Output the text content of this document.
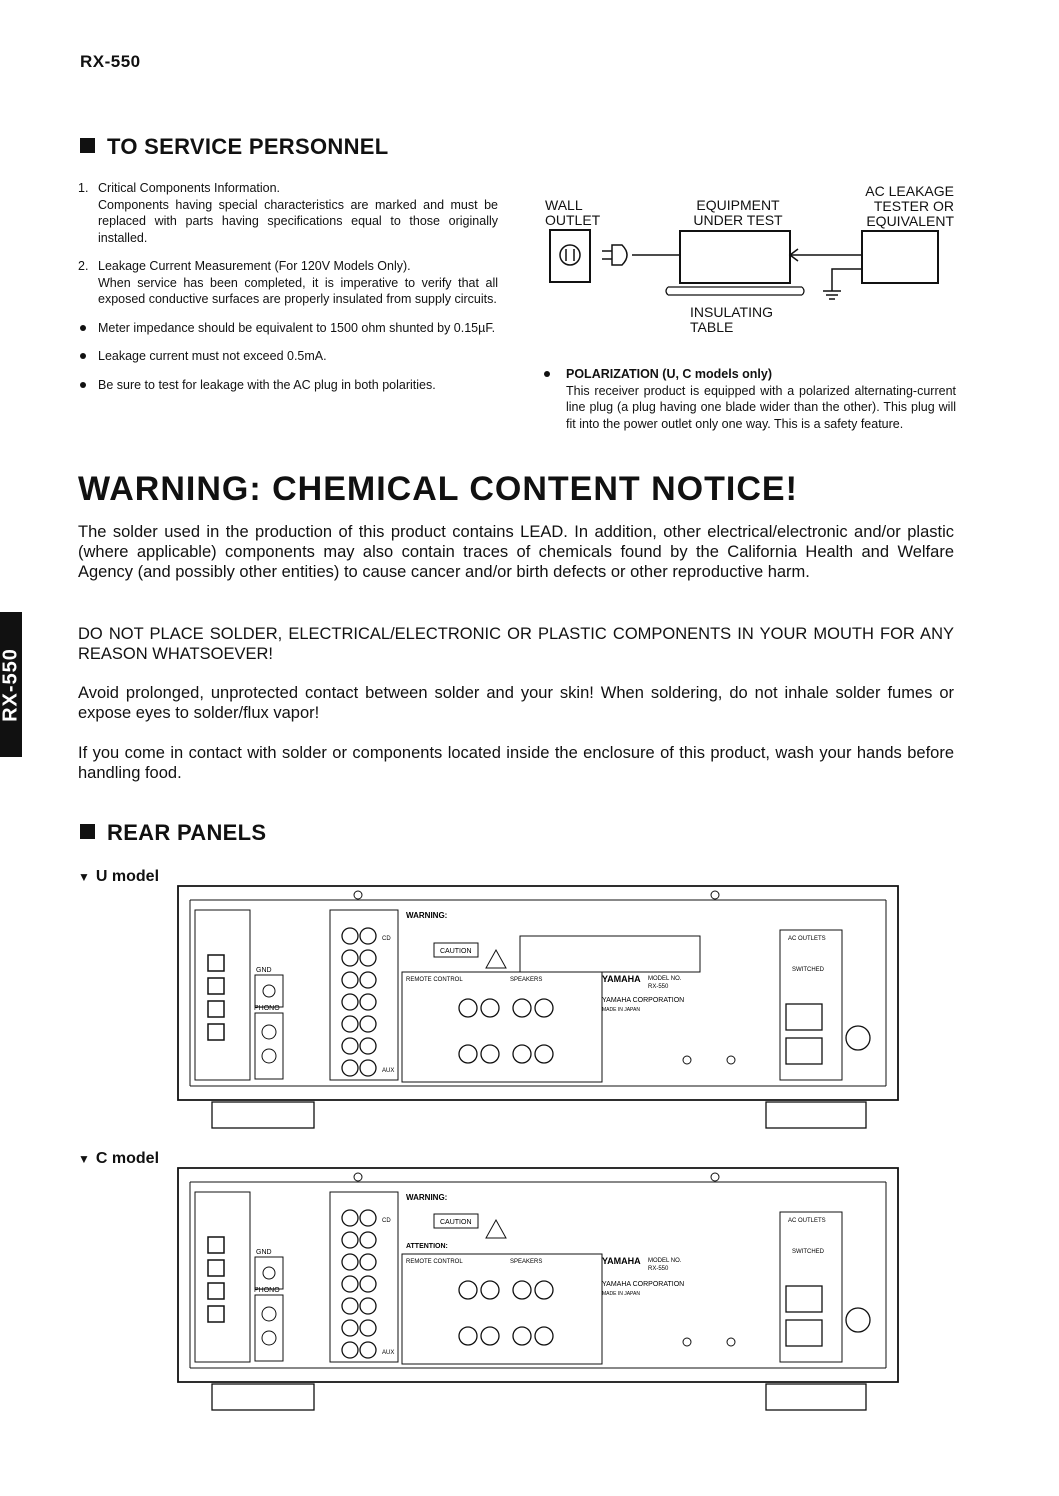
RX-550
TO SERVICE PERSONNEL
1. Critical Components Information.
Components having special characteristics are marked and must be replaced with parts having specifications equal to those originally installed.
2. Leakage Current Measurement (For 120V Models Only).
When service has been completed, it is imperative to verify that all exposed conductive surfaces are properly insulated from supply circuits.
Meter impedance should be equivalent to 1500 ohm shunted by 0.15µF.
Leakage current must not exceed 0.5mA.
Be sure to test for leakage with the AC plug in both polarities.
WALL
OUTLET
EQUIPMENT
UNDER TEST
AC LEAKAGE
TESTER OR
EQUIVALENT
INSULATING
TABLE
POLARIZATION (U, C models only)
This receiver product is equipped with a polarized alternating-current line plug (a plug having one blade wider than the other). This plug will fit into the power outlet only one way. This is a safety feature.
WARNING: CHEMICAL CONTENT NOTICE!
The solder used in the production of this product contains LEAD. In addition, other electrical/electronic and/or plastic (where applicable) components may also contain traces of chemicals found by the California Health and Welfare Agency (and possibly other entities) to cause cancer and/or birth defects or other reproductive harm.
DO NOT PLACE SOLDER, ELECTRICAL/ELECTRONIC OR PLASTIC COMPONENTS IN YOUR MOUTH FOR ANY REASON WHATSOEVER!
Avoid prolonged, unprotected contact between solder and your skin! When soldering, do not inhale solder fumes or expose eyes to solder/flux vapor!
If you come in contact with solder or components located inside the enclosure of this product, wash your hands before handling food.
RX-550
REAR PANELS
▼ U model
▼ C model
GND
PHONO
CD
AUX
WARNING:
CAUTION
REMOTE CONTROL	SPEAKERS	YAMAHA MODEL NO.
RX-550
YAMAHA CORPORATION
MADE IN JAPAN
AC OUTLETS
SWITCHED
GND
PHONO
CD
AUX
WARNING:
CAUTION
ATTENTION:
REMOTE CONTROL	SPEAKERS	YAMAHA MODEL NO.
RX-550
YAMAHA CORPORATION
MADE IN JAPAN
AC OUTLETS
SWITCHED
